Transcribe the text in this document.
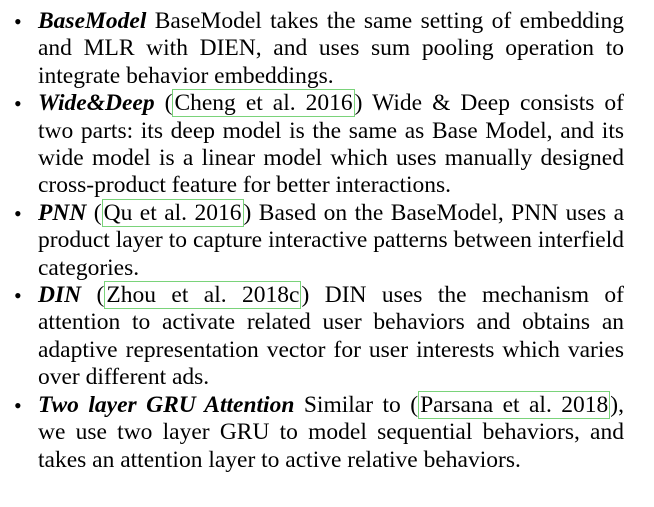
• BaseModel BaseModel takes the same setting of embedding and MLR with DIEN, and uses sum pooling operation to integrate behavior embeddings.
• Wide&Deep (Cheng et al. 2016) Wide & Deep consists of two parts: its deep model is the same as Base Model, and its wide model is a linear model which uses manually designed cross-product feature for better interactions.
• PNN (Qu et al. 2016) Based on the BaseModel, PNN uses a product layer to capture interactive patterns between interfield categories.
• DIN (Zhou et al. 2018c) DIN uses the mechanism of attention to activate related user behaviors and obtains an adaptive representation vector for user interests which varies over different ads.
• Two layer GRU Attention Similar to (Parsana et al. 2018), we use two layer GRU to model sequential behaviors, and takes an attention layer to active relative behaviors.
